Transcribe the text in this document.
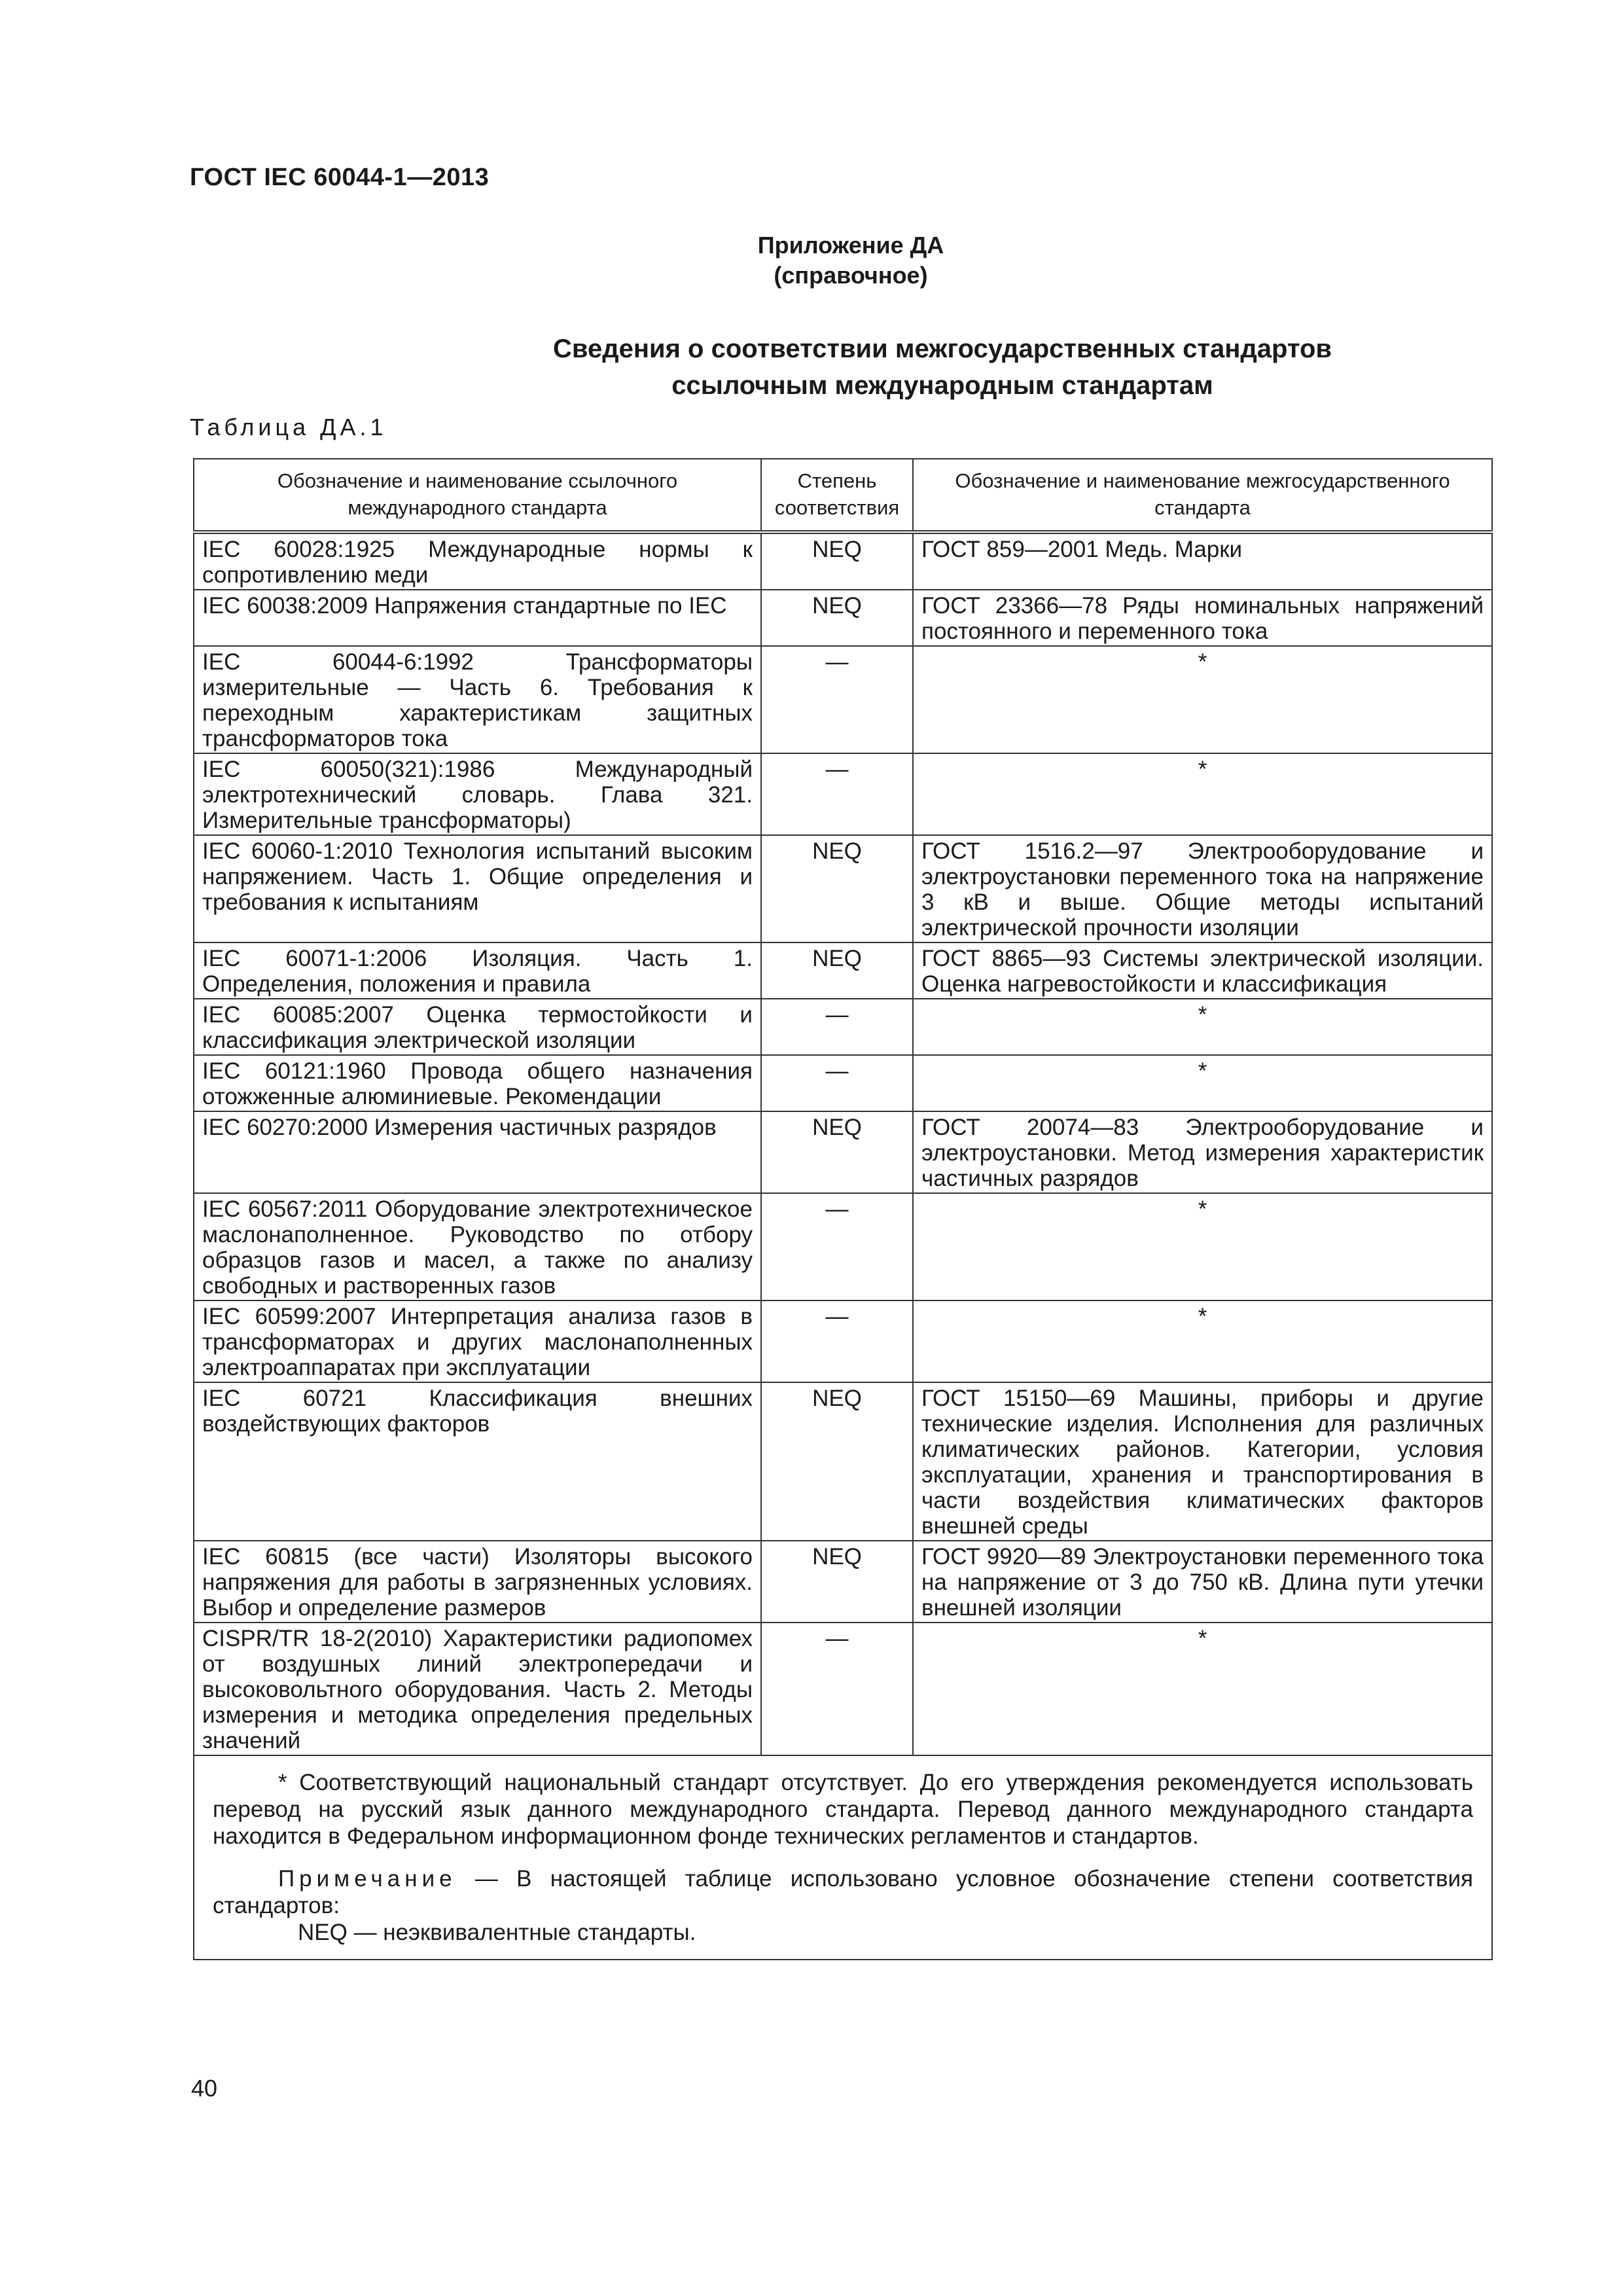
ГОСТ IEC 60044-1—2013
Приложение ДА
(справочное)
Сведения о соответствии межгосударственных стандартов
ссылочным международным стандартам
Таблица ДА.1
Обозначение и наименование ссылочного международного стандарта	Степень соответствия	Обозначение и наименование межгосударственного стандарта
IEC 60028:1925 Международные нормы к сопротивлению меди	NEQ	ГОСТ 859—2001 Медь. Марки
IEC 60038:2009 Напряжения стандартные по IEC	NEQ	ГОСТ 23366—78 Ряды номинальных напряжений постоянного и переменного тока
IEC 60044-6:1992 Трансформаторы измерительные — Часть 6. Требования к переходным характеристикам защитных трансформаторов тока	—	*
IEC 60050(321):1986 Международный электротехнический словарь. Глава 321. Измерительные трансформаторы)	—	*
IEC 60060-1:2010 Технология испытаний высоким напряжением. Часть 1. Общие определения и требования к испытаниям	NEQ	ГОСТ 1516.2—97 Электрооборудование и электроустановки переменного тока на напряжение 3 кВ и выше. Общие методы испытаний электрической прочности изоляции
IEC 60071-1:2006 Изоляция. Часть 1. Определения, положения и правила	NEQ	ГОСТ 8865—93 Системы электрической изоляции. Оценка нагревостойкости и классификация
IEC 60085:2007 Оценка термостойкости и классификация электрической изоляции	—	*
IEC 60121:1960 Провода общего назначения отожженные алюминиевые. Рекомендации	—	*
IEC 60270:2000 Измерения частичных разрядов	NEQ	ГОСТ 20074—83 Электрооборудование и электроустановки. Метод измерения характеристик частичных разрядов
IEC 60567:2011 Оборудование электротехническое маслонаполненное. Руководство по отбору образцов газов и масел, а также по анализу свободных и растворенных газов	—	*
IEC 60599:2007 Интерпретация анализа газов в трансформаторах и других маслонаполненных электроаппаратах при эксплуатации	—	*
IEC 60721 Классификация внешних воздействующих факторов	NEQ	ГОСТ 15150—69 Машины, приборы и другие технические изделия. Исполнения для различных климатических районов. Категории, условия эксплуатации, хранения и транспортирования в части воздействия климатических факторов внешней среды
IEC 60815 (все части) Изоляторы высокого напряжения для работы в загрязненных условиях. Выбор и определение размеров	NEQ	ГОСТ 9920—89 Электроустановки переменного тока на напряжение от 3 до 750 кВ. Длина пути утечки внешней изоляции
CISPR/TR 18-2(2010) Характеристики радиопомех от воздушных линий электропередачи и высоковольтного оборудования. Часть 2. Методы измерения и методика определения предельных значений	—	*

* Соответствующий национальный стандарт отсутствует. До его утверждения рекомендуется использовать перевод на русский язык данного международного стандарта. Перевод данного международного стандарта находится в Федеральном информационном фонде технических регламентов и стандартов.

Примечание — В настоящей таблице использовано условное обозначение степени соответствия стандартов:

NEQ — неэквивалентные стандарты.		

40
